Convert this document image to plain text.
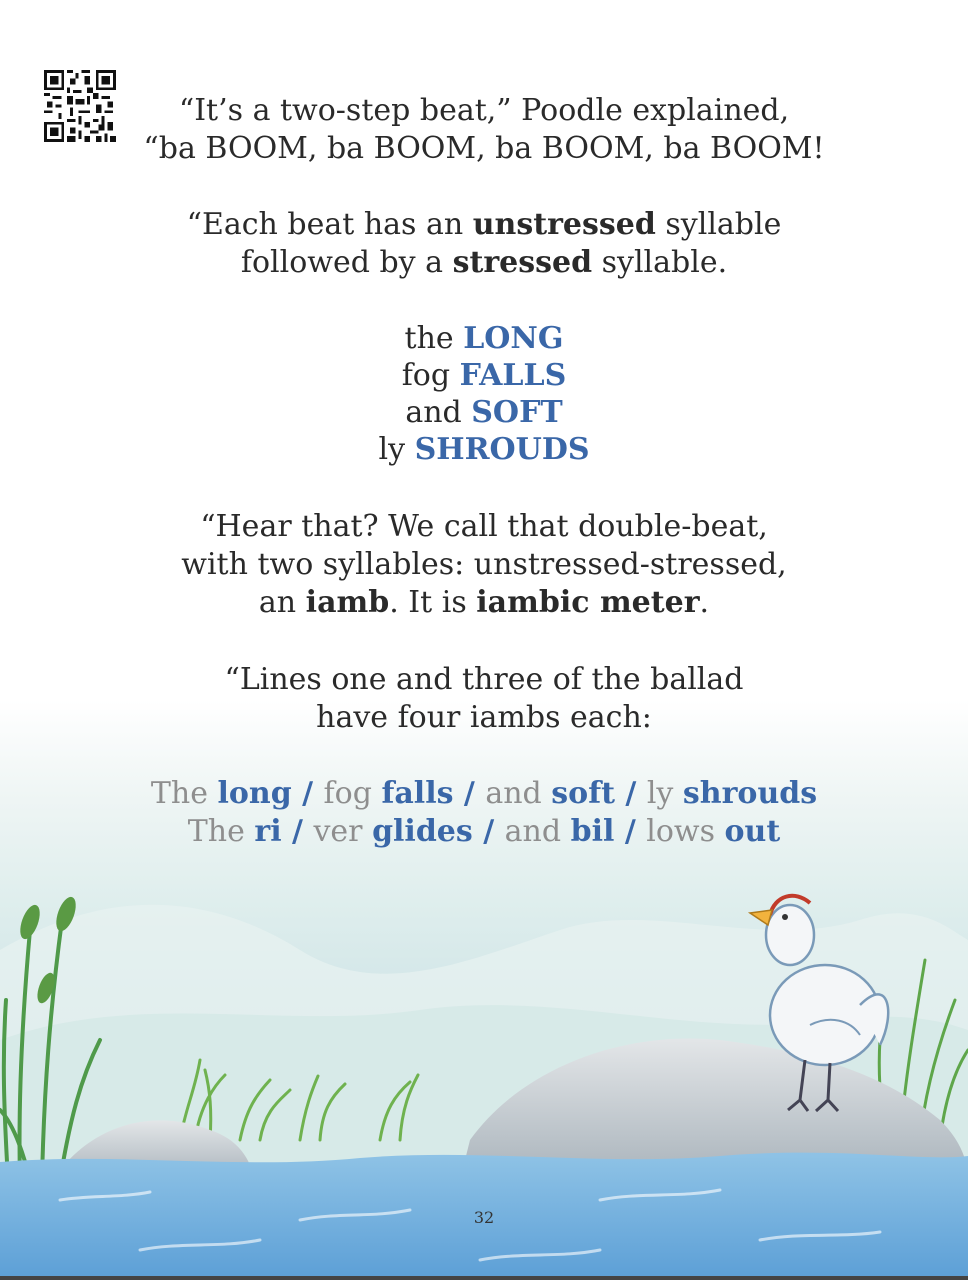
“It’s a two-step beat,” Poodle explained,
“ba BOOM, ba BOOM, ba BOOM, ba BOOM!
“Each beat has an unstressed syllable
followed by a stressed syllable.
the LONG
fog FALLS
and SOFT
ly SHROUDS
“Hear that? We call that double-beat,
with two syllables: unstressed-stressed,
an iamb. It is iambic meter.
“Lines one and three of the ballad
have four iambs each:
The long / fog falls / and soft / ly shrouds
The ri / ver glides / and bil / lows out
32
